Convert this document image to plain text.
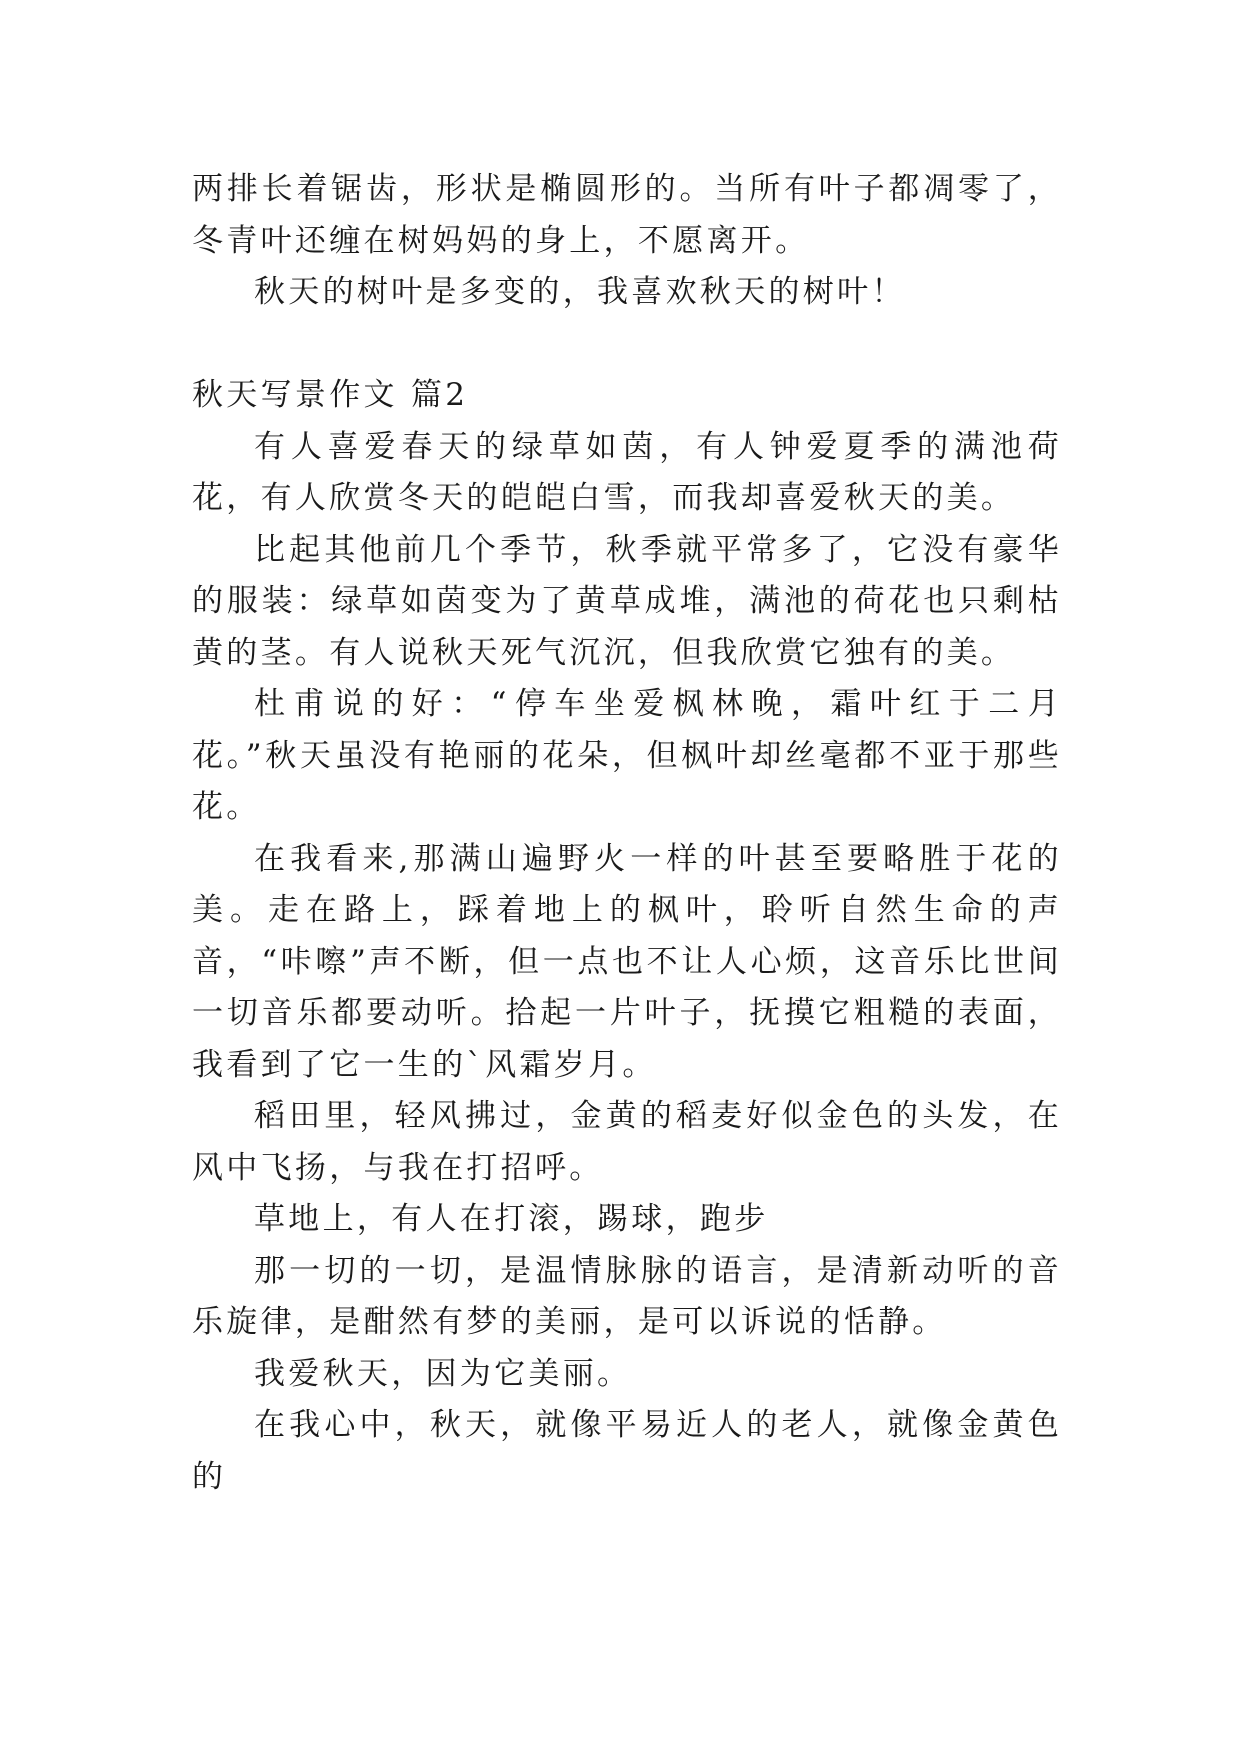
两排长着锯齿，形状是椭圆形的。当所有叶子都凋零了，冬青叶还缠在树妈妈的身上，不愿离开。

秋天的树叶是多变的，我喜欢秋天的树叶！

秋天写景作文 篇2

有人喜爱春天的绿草如茵，有人钟爱夏季的满池荷花，有人欣赏冬天的皑皑白雪，而我却喜爱秋天的美。

比起其他前几个季节，秋季就平常多了，它没有豪华的服装：绿草如茵变为了黄草成堆，满池的荷花也只剩枯黄的茎。有人说秋天死气沉沉，但我欣赏它独有的美。

杜甫说的好：“停车坐爱枫林晚，霜叶红于二月花。”秋天虽没有艳丽的花朵，但枫叶却丝毫都不亚于那些花。

在我看来,那满山遍野火一样的叶甚至要略胜于花的美。走在路上，踩着地上的枫叶，聆听自然生命的声音，“咔嚓”声不断，但一点也不让人心烦，这音乐比世间一切音乐都要动听。拾起一片叶子，抚摸它粗糙的表面，我看到了它一生的`风霜岁月。

稻田里，轻风拂过，金黄的稻麦好似金色的头发，在风中飞扬，与我在打招呼。

草地上，有人在打滚，踢球，跑步

那一切的一切，是温情脉脉的语言，是清新动听的音乐旋律，是酣然有梦的美丽，是可以诉说的恬静。

我爱秋天，因为它美丽。

在我心中，秋天，就像平易近人的老人，就像金黄色的
